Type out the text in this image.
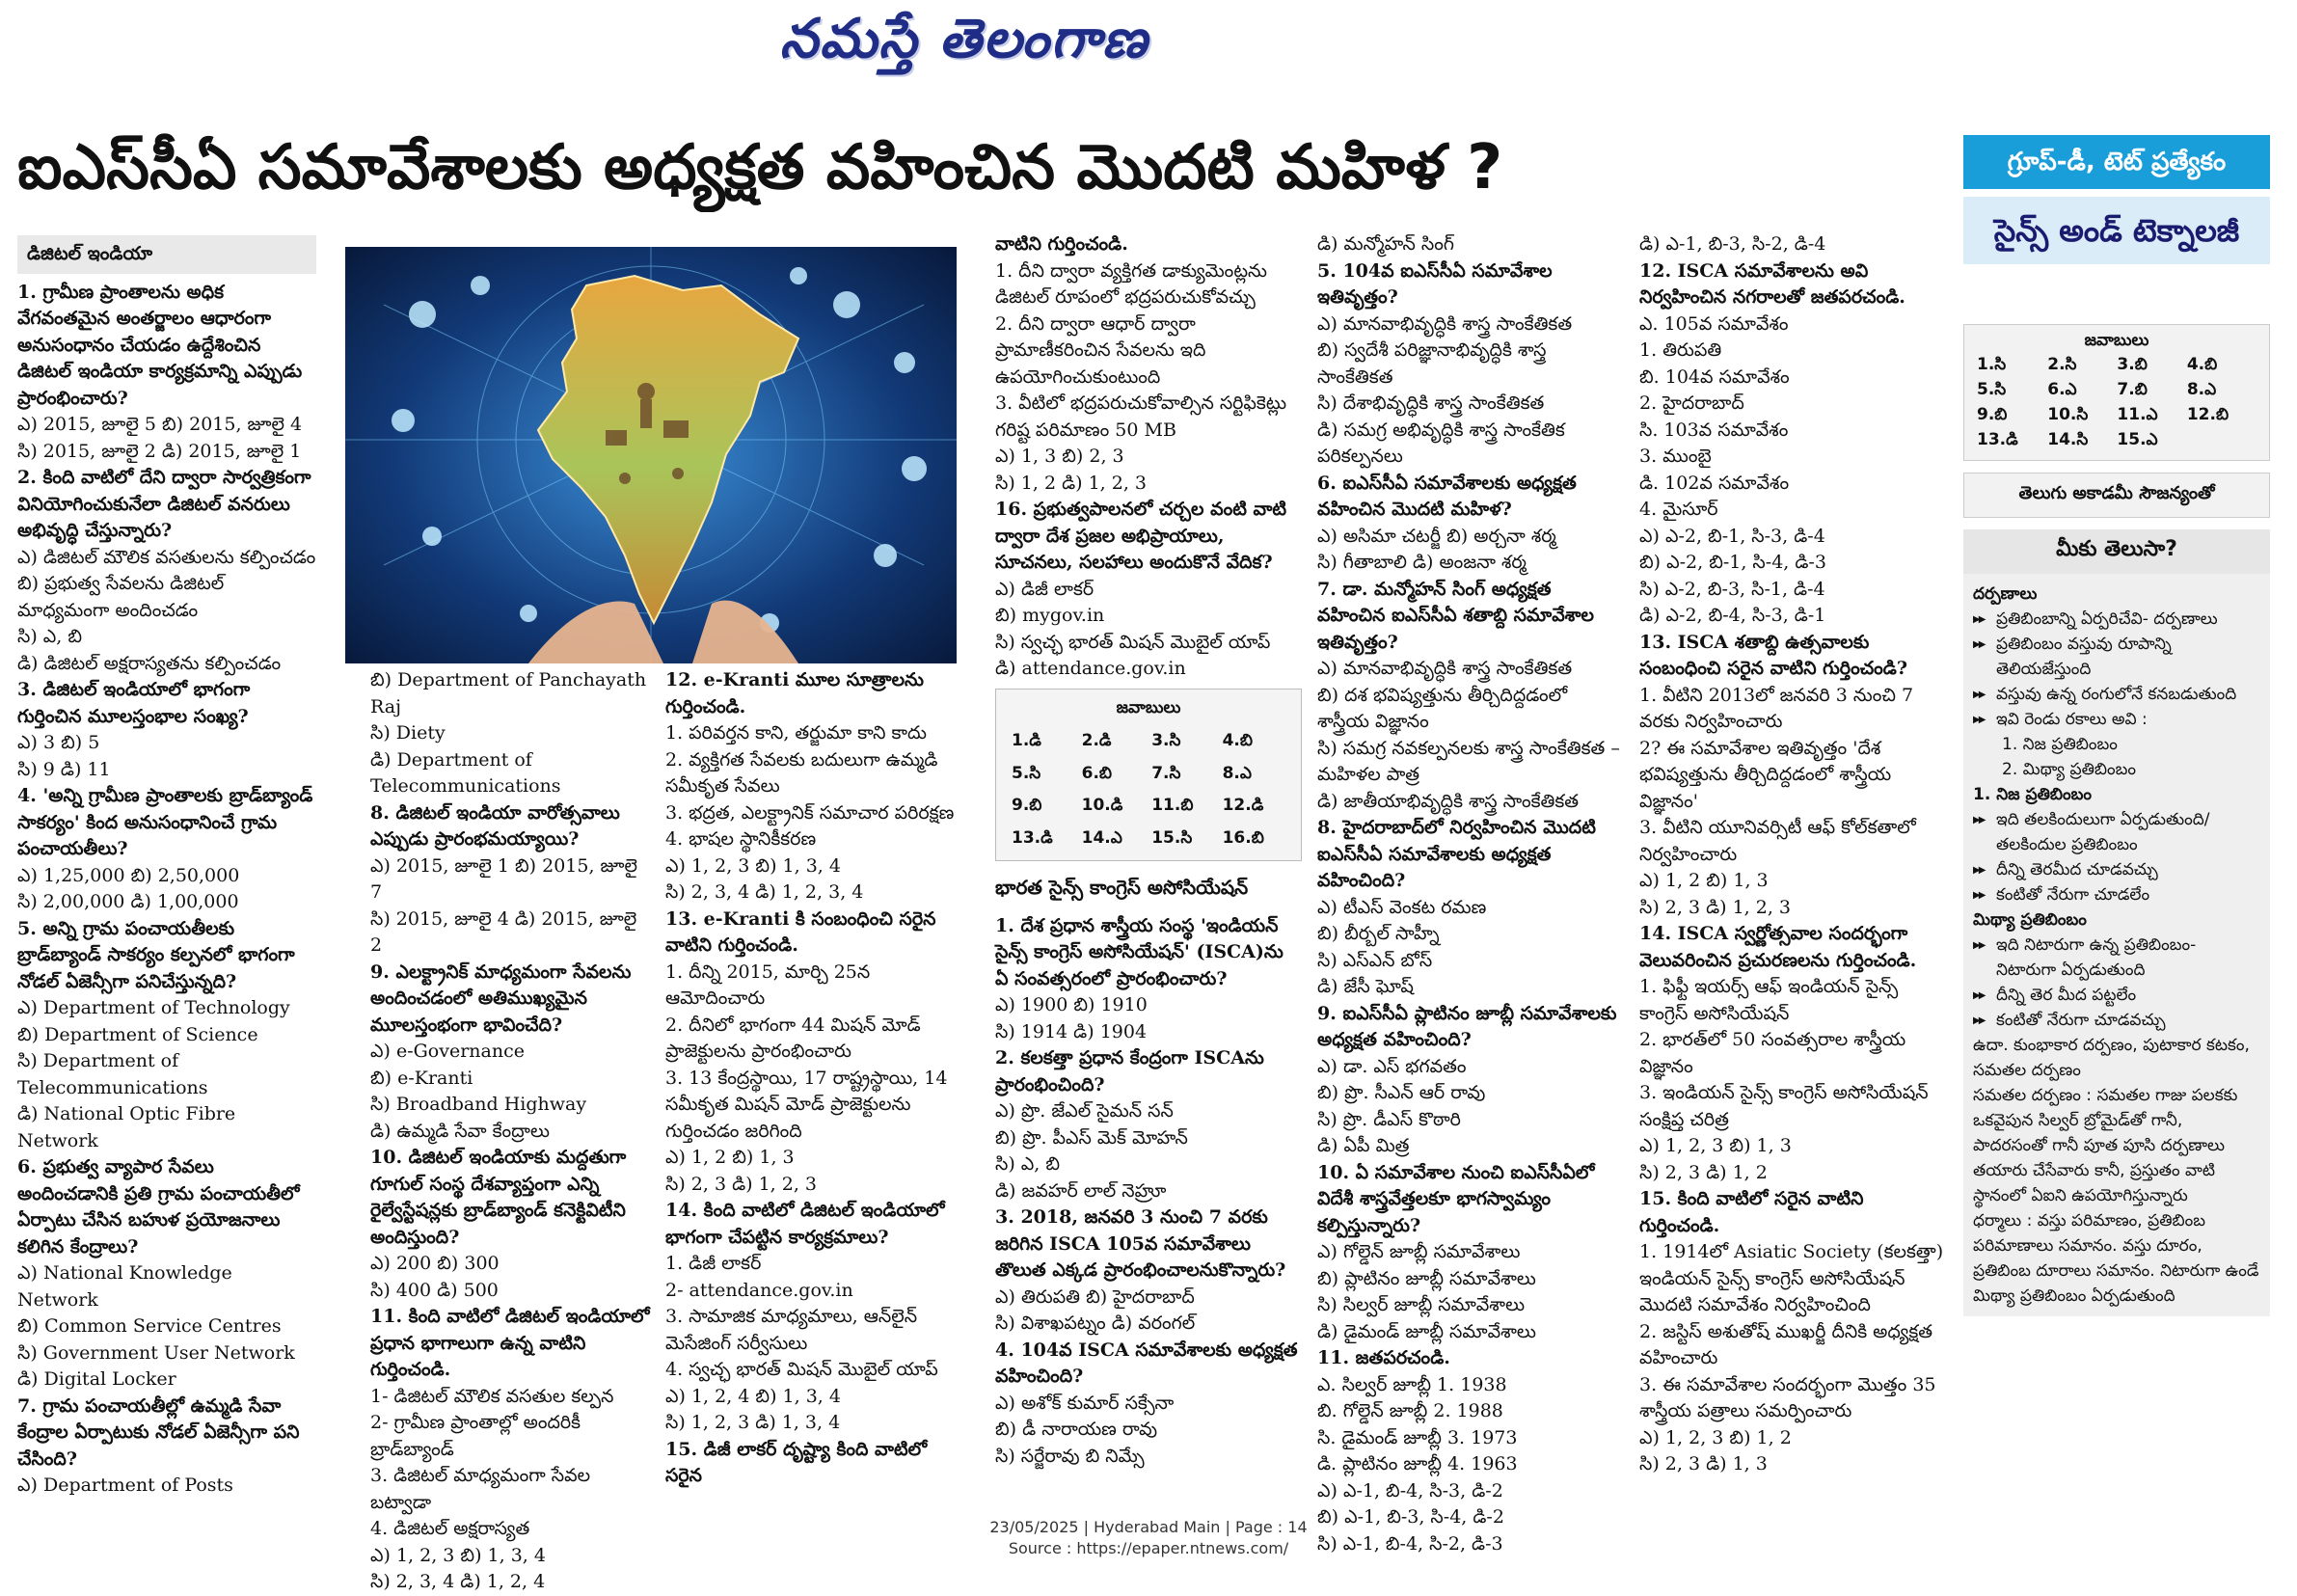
నమస్తే తెలంగాణ
ఐఎస్‌సీఏ సమావేశాలకు అధ్యక్షత వహించిన మొదటి మహిళ ?	గ్రూప్‌-డీ, టెట్ ప్రత్యేకం
సైన్స్ అండ్ టెక్నాలజీ
డిజిటల్ ఇండియా

1. గ్రామీణ ప్రాంతాలను అధిక వేగవంతమైన అంతర్జాలం ఆధారంగా అనుసంధానం చేయడం ఉద్దేశించిన డిజిటల్ ఇండియా కార్యక్రమాన్ని ఎప్పుడు ప్రారంభించారు?

ఎ) 2015, జూలై 5 బి) 2015, జూలై 4

సి) 2015, జూలై 2 డి) 2015, జూలై 1

2. కింది వాటిలో దేని ద్వారా సార్వత్రికంగా వినియోగించుకునేలా డిజిటల్ వనరులు అభివృద్ధి చేస్తున్నారు?

ఎ) డిజిటల్ మౌలిక వసతులను కల్పించడం

బి) ప్రభుత్వ సేవలను డిజిటల్ మాధ్యమంగా అందించడం

సి) ఎ, బి

డి) డిజిటల్ అక్షరాస్యతను కల్పించడం

3. డిజిటల్ ఇండియాలో భాగంగా గుర్తించిన మూలస్తంభాల సంఖ్య?

ఎ) 3 బి) 5

సి) 9 డి) 11

4. 'అన్ని గ్రామీణ ప్రాంతాలకు బ్రాడ్‌బ్యాండ్ సాకర్యం' కింద అనుసంధానించే గ్రామ పంచాయతీలు?

ఎ) 1,25,000 బి) 2,50,000

సి) 2,00,000 డి) 1,00,000

5. అన్ని గ్రామ పంచాయతీలకు బ్రాడ్‌బ్యాండ్ సాకర్యం కల్పనలో భాగంగా నోడల్ ఏజెన్సీగా పనిచేస్తున్నది?

ఎ) Department of Technology

బి) Department of Science

సి) Department of Telecommunications

డి) National Optic Fibre Network

6. ప్రభుత్వ వ్యాపార సేవలు అందించడానికి ప్రతి గ్రామ పంచాయతీలో ఏర్పాటు చేసిన బహుళ ప్రయోజనాలు కలిగిన కేంద్రాలు?

ఎ) National Knowledge Network

బి) Common Service Centres

సి) Government User Network

డి) Digital Locker

7. గ్రామ పంచాయతీల్లో ఉమ్మడి సేవా కేంద్రాల ఏర్పాటుకు నోడల్ ఏజెన్సీగా పని చేసింది?

ఎ) Department of Posts

బి) Department of Panchayath Raj

సి) Diety

డి) Department of Telecommunications

8. డిజిటల్ ఇండియా వారోత్సవాలు ఎప్పుడు ప్రారంభమయ్యాయి?

ఎ) 2015, జూలై 1 బి) 2015, జూలై 7

సి) 2015, జూలై 4 డి) 2015, జూలై 2

9. ఎలక్ట్రానిక్ మాధ్యమంగా సేవలను అందించడంలో అతిముఖ్యమైన మూలస్తంభంగా భావించేది?

ఎ) e-Governance

బి) e-Kranti

సి) Broadband Highway

డి) ఉమ్మడి సేవా కేంద్రాలు

10. డిజిటల్ ఇండియాకు మద్దతుగా గూగుల్ సంస్థ దేశవ్యాప్తంగా ఎన్ని రైల్వేస్టేషన్లకు బ్రాడ్‌బ్యాండ్ కనెక్టివిటీని అందిస్తుంది?

ఎ) 200 బి) 300

సి) 400 డి) 500

11. కింది వాటిలో డిజిటల్ ఇండియాలో ప్రధాన భాగాలుగా ఉన్న వాటిని గుర్తించండి.

1- డిజిటల్ మౌలిక వసతుల కల్పన

2- గ్రామీణ ప్రాంతాల్లో అందరికీ బ్రాడ్‌బ్యాండ్

3. డిజిటల్ మాధ్యమంగా సేవల బట్వాడా

4. డిజిటల్ అక్షరాస్యత

ఎ) 1, 2, 3 బి) 1, 3, 4

సి) 2, 3, 4 డి) 1, 2, 4

12. e-Kranti మూల సూత్రాలను గుర్తించండి.

1. పరివర్తన కాని, తర్జుమా కాని కాదు

2. వ్యక్తిగత సేవలకు బదులుగా ఉమ్మడి సమీకృత సేవలు

3. భద్రత, ఎలక్ట్రానిక్ సమాచార పరిరక్షణ

4. భాషల స్థానికీకరణ

ఎ) 1, 2, 3 బి) 1, 3, 4

సి) 2, 3, 4 డి) 1, 2, 3, 4

13. e-Kranti కి సంబంధించి సరైన వాటిని గుర్తించండి.

1. దీన్ని 2015, మార్చి 25న ఆమోదించారు

2. దీనిలో భాగంగా 44 మిషన్ మోడ్ ప్రాజెక్టులను ప్రారంభించారు

3. 13 కేంద్రస్థాయి, 17 రాష్ట్రస్థాయి, 14 సమీకృత మిషన్ మోడ్ ప్రాజెక్టులను గుర్తించడం జరిగింది

ఎ) 1, 2 బి) 1, 3

సి) 2, 3 డి) 1, 2, 3

14. కింది వాటిలో డిజిటల్ ఇండియాలో భాగంగా చేపట్టిన కార్యక్రమాలు?

1. డిజీ లాకర్

2- attendance.gov.in

3. సామాజిక మాధ్యమాలు, ఆన్‌లైన్ మెసేజింగ్ సర్వీసులు

4. స్వచ్ఛ భారత్ మిషన్ మొబైల్ యాప్

ఎ) 1, 2, 4 బి) 1, 3, 4

సి) 1, 2, 3 డి) 1, 3, 4

15. డిజీ లాకర్ దృష్ట్యా కింది వాటిలో సరైన

వాటిని గుర్తించండి.

1. దీని ద్వారా వ్యక్తిగత డాక్యుమెంట్లను డిజిటల్ రూపంలో భద్రపరుచుకోవచ్చు

2. దీని ద్వారా ఆధార్ ద్వారా ప్రామాణీకరించిన సేవలను ఇది ఉపయోగించుకుంటుంది

3. వీటిలో భద్రపరుచుకోవాల్సిన సర్టిఫికెట్లు గరిష్ట పరిమాణం 50 MB

ఎ) 1, 3 బి) 2, 3

సి) 1, 2 డి) 1, 2, 3

16. ప్రభుత్వపాలనలో చర్చల వంటి వాటి ద్వారా దేశ ప్రజల అభిప్రాయాలు, సూచనలు, సలహాలు అందుకొనే వేదిక?

ఎ) డిజీ లాకర్

బి) mygov.in

సి) స్వచ్ఛ భారత్ మిషన్ మొబైల్ యాప్

డి) attendance.gov.in

జవాబులు
1.డి	2.డి	3.సి	4.బి
5.సి	6.బి	7.సి	8.ఎ
9.బి	10.డి	11.బి	12.డి
13.డి	14.ఎ	15.సి	16.బి
భారత సైన్స్ కాంగ్రెస్ అసోసియేషన్

1. దేశ ప్రధాన శాస్త్రీయ సంస్థ 'ఇండియన్ సైన్స్ కాంగ్రెస్ అసోసియేషన్' (ISCA)ను ఏ సంవత్సరంలో ప్రారంభించారు?

ఎ) 1900 బి) 1910

సి) 1914 డి) 1904

2. కలకత్తా ప్రధాన కేంద్రంగా ISCAను ప్రారంభించింది?

ఎ) ప్రొ. జేఎల్ సైమన్ సన్

బి) ప్రొ. పీఎస్ మెక్ మోహన్

సి) ఎ, బి

డి) జవహర్ లాల్ నెహ్రూ

3. 2018, జనవరి 3 నుంచి 7 వరకు జరిగిన ISCA 105వ సమావేశాలు తొలుత ఎక్కడ ప్రారంభించాలనుకొన్నారు?

ఎ) తిరుపతి బి) హైదరాబాద్

సి) విశాఖపట్నం డి) వరంగల్

4. 104వ ISCA సమావేశాలకు అధ్యక్షత వహించింది?

ఎ) అశోక్ కుమార్ సక్సేనా

బి) డీ నారాయణ రావు

సి) సర్జేరావు బి నిమ్సే

డి) మన్మోహన్ సింగ్

5. 104వ ఐఎస్‌సీఏ సమావేశాల ఇతివృత్తం?

ఎ) మానవాభివృద్ధికి శాస్త్ర సాంకేతికత

బి) స్వదేశీ పరిజ్ఞానాభివృద్ధికి శాస్త్ర సాంకేతికత

సి) దేశాభివృద్ధికి శాస్త్ర సాంకేతికత

డి) సమగ్ర అభివృద్ధికి శాస్త్ర సాంకేతిక పరికల్పనలు

6. ఐఎస్‌సీఏ సమావేశాలకు అధ్యక్షత వహించిన మొదటి మహిళ?

ఎ) అసిమా చటర్జీ బి) అర్చనా శర్మ

సి) గీతాబాలి డి) అంజనా శర్మ

7. డా. మన్మోహన్ సింగ్ అధ్యక్షత వహించిన ఐఎస్‌సీఏ శతాబ్ది సమావేశాల ఇతివృత్తం?

ఎ) మానవాభివృద్ధికి శాస్త్ర సాంకేతికత

బి) దశ భవిష్యత్తును తీర్చిదిద్దడంలో శాస్త్రీయ విజ్ఞానం

సి) సమగ్ర నవకల్పనలకు శాస్త్ర సాంకేతికత – మహిళల పాత్ర

డి) జాతీయాభివృద్ధికి శాస్త్ర సాంకేతికత

8. హైదరాబాద్‌లో నిర్వహించిన మొదటి ఐఎస్‌సీఏ సమావేశాలకు అధ్యక్షత వహించింది?

ఎ) టీఎస్ వెంకట రమణ

బి) బీర్బల్ సాహ్నీ

సి) ఎస్ఎన్ బోస్

డి) జేసీ ఘోష్

9. ఐఎస్‌సీఏ ప్లాటినం జూబ్లీ సమావేశాలకు అధ్యక్షత వహించింది?

ఎ) డా. ఎస్ భగవతం

బి) ప్రొ. సీఎన్ ఆర్ రావు

సి) ప్రొ. డీఎస్ కొఠారి

డి) ఏపీ మిత్ర

10. ఏ సమావేశాల నుంచి ఐఎస్‌సీఏలో విదేశీ శాస్త్రవేత్తలకూ భాగస్వామ్యం కల్పిస్తున్నారు?

ఎ) గోల్డెన్ జూబ్లీ సమావేశాలు

బి) ప్లాటినం జూబ్లీ సమావేశాలు

సి) సిల్వర్ జూబ్లీ సమావేశాలు

డి) డైమండ్ జూబ్లీ సమావేశాలు

11. జతపరచండి.

ఎ. సిల్వర్ జూబ్లీ 1. 1938

బి. గోల్డెన్ జూబ్లీ 2. 1988

సి. డైమండ్ జూబ్లీ 3. 1973

డి. ప్లాటినం జూబ్లీ 4. 1963

ఎ) ఎ-1, బి-4, సి-3, డి-2

బి) ఎ-1, బి-3, సి-4, డి-2

సి) ఎ-1, బి-4, సి-2, డి-3

డి) ఎ-1, బి-3, సి-2, డి-4

12. ISCA సమావేశాలను అవి నిర్వహించిన నగరాలతో జతపరచండి.

ఎ. 105వ సమావేశం

1. తిరుపతి

బి. 104వ సమావేశం

2. హైదరాబాద్

సి. 103వ సమావేశం

3. ముంబై

డి. 102వ సమావేశం

4. మైసూర్

ఎ) ఎ-2, బి-1, సి-3, డి-4

బి) ఎ-2, బి-1, సి-4, డి-3

సి) ఎ-2, బి-3, సి-1, డి-4

డి) ఎ-2, బి-4, సి-3, డి-1

13. ISCA శతాబ్ది ఉత్సవాలకు సంబంధించి సరైన వాటిని గుర్తించండి?

1. వీటిని 2013లో జనవరి 3 నుంచి 7 వరకు నిర్వహించారు

2? ఈ సమావేశాల ఇతివృత్తం 'దేశ భవిష్యత్తును తీర్చిదిద్దడంలో శాస్త్రీయ విజ్ఞానం'

3. వీటిని యూనివర్సిటీ ఆఫ్ కోల్‌కతాలో నిర్వహించారు

ఎ) 1, 2 బి) 1, 3

సి) 2, 3 డి) 1, 2, 3

14. ISCA స్వర్ణోత్సవాల సందర్భంగా వెలువరించిన ప్రచురణలను గుర్తించండి.

1. ఫిఫ్టీ ఇయర్స్ ఆఫ్ ఇండియన్ సైన్స్ కాంగ్రెస్ అసోసియేషన్

2. భారత్‌లో 50 సంవత్సరాల శాస్త్రీయ విజ్ఞానం

3. ఇండియన్ సైన్స్ కాంగ్రెస్ అసోసియేషన్ సంక్షిప్త చరిత్ర

ఎ) 1, 2, 3 బి) 1, 3

సి) 2, 3 డి) 1, 2

15. కింది వాటిలో సరైన వాటిని గుర్తించండి.

1. 1914లో Asiatic Society (కలకత్తా) ఇండియన్ సైన్స్ కాంగ్రెస్ అసోసియేషన్ మొదటి సమావేశం నిర్వహించింది

2. జస్టిస్ అశుతోష్ ముఖర్జీ దీనికి అధ్యక్షత వహించారు

3. ఈ సమావేశాల సందర్భంగా మొత్తం 35 శాస్త్రీయ పత్రాలు సమర్పించారు

ఎ) 1, 2, 3 బి) 1, 2

సి) 2, 3 డి) 1, 3

జవాబులు
1.సి	2.సి	3.బి	4.బి
5.సి	6.ఎ	7.బి	8.ఎ
9.బి	10.సి	11.ఎ	12.బి
13.డి	14.సి	15.ఎ	
తెలుగు అకాడమీ సౌజన్యంతో
మీకు తెలుసా?
దర్పణాలు
▶▶ ప్రతిబింబాన్ని ఏర్పరిచేవి- దర్పణాలు
▶▶ ప్రతిబింబం వస్తువు రూపాన్ని తెలియజేస్తుంది
▶▶ వస్తువు ఉన్న రంగులోనే కనబడుతుంది
▶▶ ఇవి రెండు రకాలు అవి :
1. నిజ ప్రతిబింబం
2. మిథ్యా ప్రతిబింబం
1. నిజ ప్రతిబింబం
▶▶ ఇది తలకిందులుగా ఏర్పడుతుంది/ తలకిందుల ప్రతిబింబం
▶▶ దీన్ని తెరమీద చూడవచ్చు
▶▶ కంటితో నేరుగా చూడలేం
మిథ్యా ప్రతిబింబం
▶▶ ఇది నిటారుగా ఉన్న ప్రతిబింబం- నిటారుగా ఏర్పడుతుంది
▶▶ దీన్ని తెర మీద పట్టలేం
▶▶ కంటితో నేరుగా చూడవచ్చు
ఉదా. కుంభాకార దర్పణం, పుటాకార కటకం, సమతల దర్పణం
సమతల దర్పణం : సమతల గాజు పలకకు ఒకవైపున సిల్వర్ బ్రోమైడ్‌తో గానీ, పాదరసంతో గానీ పూత పూసి దర్పణాలు తయారు చేసేవారు కానీ, ప్రస్తుతం వాటి స్థానంలో ఏఐని ఉపయోగిస్తున్నారు
ధర్మాలు : వస్తు పరిమాణం, ప్రతిబింబ పరిమాణాలు సమానం. వస్తు దూరం, ప్రతిబింబ దూరాలు సమానం. నిటారుగా ఉండే మిథ్యా ప్రతిబింబం ఏర్పడుతుంది
23/05/2025 | Hyderabad Main | Page : 14
Source : https://epaper.ntnews.com/
